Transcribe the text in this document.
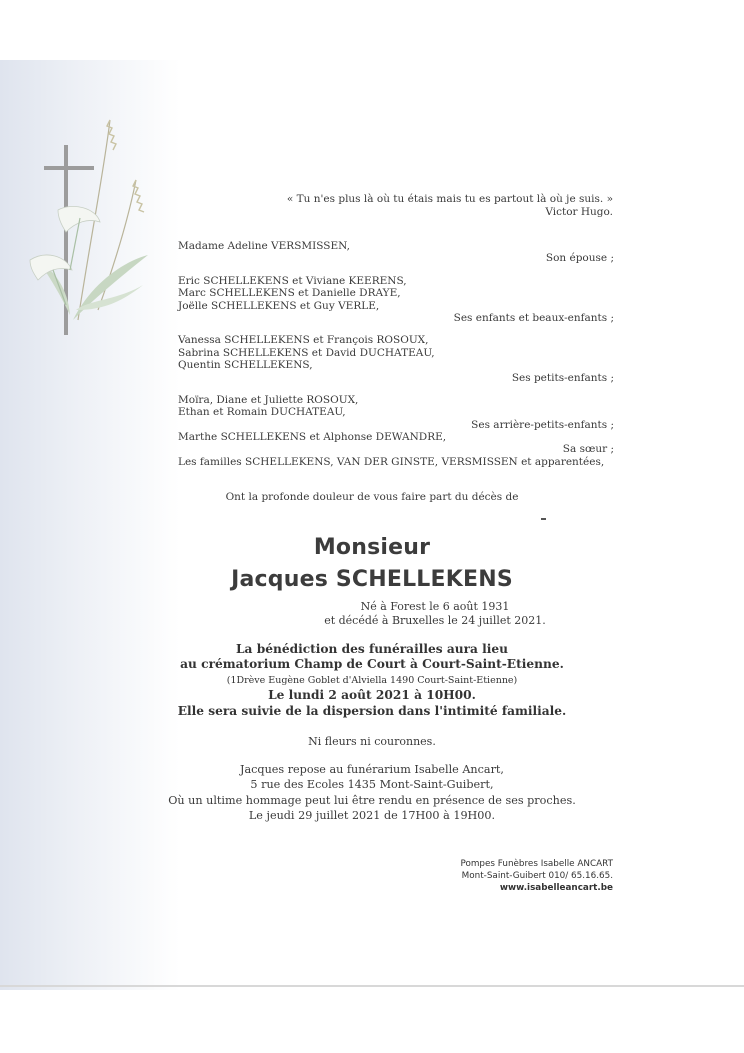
« Tu n'es plus là où tu étais mais tu es partout là où je suis. »
Victor Hugo.
Madame Adeline VERSMISSEN,
Son épouse ;
Eric SCHELLEKENS et Viviane KEERENS,
Marc SCHELLEKENS et Danielle DRAYE,
Joëlle SCHELLEKENS et Guy VERLE,
Ses enfants et beaux-enfants ;
Vanessa SCHELLEKENS et François ROSOUX,
Sabrina SCHELLEKENS et David DUCHATEAU,
Quentin SCHELLEKENS,
Ses petits-enfants ;
Moïra, Diane et Juliette ROSOUX,
Ethan et Romain DUCHATEAU,
Ses arrière-petits-enfants ;
Marthe SCHELLEKENS et Alphonse DEWANDRE,
Sa sœur ;
Les familles SCHELLEKENS, VAN DER GINSTE, VERSMISSEN et apparentées,
Ont la profonde douleur de vous faire part du décès de
Monsieur
Jacques SCHELLEKENS
Né à Forest le 6 août 1931
et décédé à Bruxelles le 24 juillet 2021.
La bénédiction des funérailles aura lieu
au crématorium Champ de Court à Court-Saint-Etienne.
(1Drève Eugène Goblet d'Alviella 1490 Court-Saint-Etienne)
Le lundi 2 août 2021 à 10H00.
Elle sera suivie de la dispersion dans l'intimité familiale.
Ni fleurs ni couronnes.
Jacques repose au funérarium Isabelle Ancart,
5 rue des Ecoles 1435 Mont-Saint-Guibert,
Où un ultime hommage peut lui être rendu en présence de ses proches.
Le jeudi 29 juillet 2021 de 17H00 à 19H00.
Pompes Funèbres Isabelle ANCART
Mont-Saint-Guibert 010/ 65.16.65.
www.isabelleancart.be
